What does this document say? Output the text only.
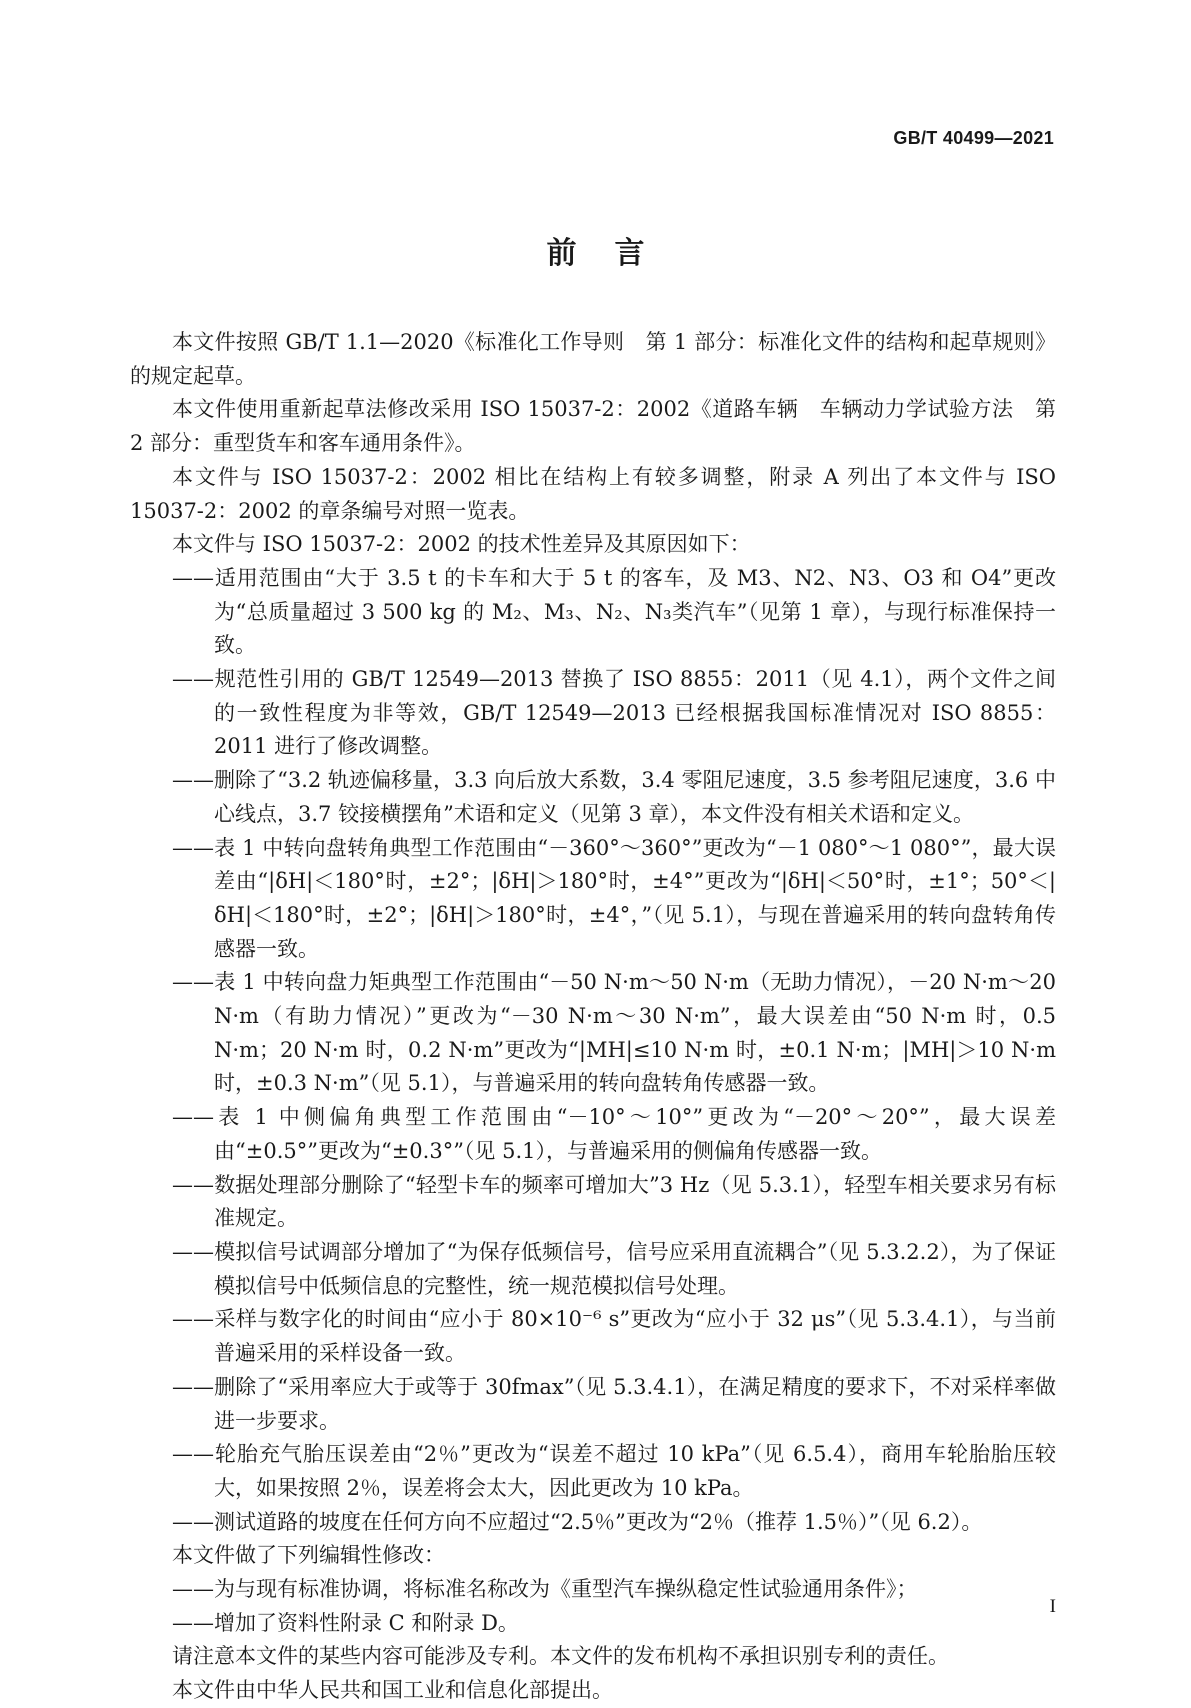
GB/T 40499—2021
前言

本文件按照 GB/T 1.1—2020《标准化工作导则　第 1 部分：标准化文件的结构和起草规则》的规定起草。

本文件使用重新起草法修改采用 ISO 15037-2：2002《道路车辆　车辆动力学试验方法　第 2 部分：重型货车和客车通用条件》。

本文件与 ISO 15037-2：2002 相比在结构上有较多调整，附录 A 列出了本文件与 ISO 15037-2：2002 的章条编号对照一览表。

本文件与 ISO 15037-2：2002 的技术性差异及其原因如下：

——适用范围由“大于 3.5 t 的卡车和大于 5 t 的客车，及 M3、N2、N3、O3 和 O4”更改为“总质量超过 3 500 kg 的 M₂、M₃、N₂、N₃类汽车”（见第 1 章），与现行标准保持一致。

——规范性引用的 GB/T 12549—2013 替换了 ISO 8855：2011（见 4.1），两个文件之间的一致性程度为非等效，GB/T 12549—2013 已经根据我国标准情况对 ISO 8855：2011 进行了修改调整。

——删除了“3.2 轨迹偏移量，3.3 向后放大系数，3.4 零阻尼速度，3.5 参考阻尼速度，3.6 中心线点，3.7 铰接横摆角”术语和定义（见第 3 章），本文件没有相关术语和定义。

——表 1 中转向盘转角典型工作范围由“－360°～360°”更改为“－1 080°～1 080°”，最大误差由“|δH|＜180°时，±2°；|δH|＞180°时，±4°”更改为“|δH|＜50°时，±1°；50°＜|δH|＜180°时，±2°；|δH|＞180°时，±4°，”（见 5.1），与现在普遍采用的转向盘转角传感器一致。

——表 1 中转向盘力矩典型工作范围由“－50 N·m～50 N·m（无助力情况），－20 N·m～20 N·m（有助力情况）”更改为“－30 N·m～30 N·m”，最大误差由“50 N·m 时，0.5 N·m；20 N·m 时，0.2 N·m”更改为“|MH|≤10 N·m 时，±0.1 N·m；|MH|＞10 N·m时，±0.3 N·m”（见 5.1），与普遍采用的转向盘转角传感器一致。

——表 1 中侧偏角典型工作范围由“－10°～10°”更改为“－20°～20°”，最大误差由“±0.5°”更改为“±0.3°”（见 5.1），与普遍采用的侧偏角传感器一致。

——数据处理部分删除了“轻型卡车的频率可增加大”3 Hz（见 5.3.1），轻型车相关要求另有标准规定。

——模拟信号试调部分增加了“为保存低频信号，信号应采用直流耦合”（见 5.3.2.2），为了保证模拟信号中低频信息的完整性，统一规范模拟信号处理。

——采样与数字化的时间由“应小于 80×10⁻⁶ s”更改为“应小于 32 μs”（见 5.3.4.1），与当前普遍采用的采样设备一致。

——删除了“采用率应大于或等于 30fmax”（见 5.3.4.1），在满足精度的要求下，不对采样率做进一步要求。

——轮胎充气胎压误差由“2％”更改为“误差不超过 10 kPa”（见 6.5.4），商用车轮胎胎压较大，如果按照 2％，误差将会太大，因此更改为 10 kPa。

——测试道路的坡度在任何方向不应超过“2.5％”更改为“2％（推荐 1.5％）”（见 6.2）。

本文件做了下列编辑性修改：

——为与现有标准协调，将标准名称改为《重型汽车操纵稳定性试验通用条件》；

——增加了资料性附录 C 和附录 D。

请注意本文件的某些内容可能涉及专利。本文件的发布机构不承担识别专利的责任。

本文件由中华人民共和国工业和信息化部提出。

I
